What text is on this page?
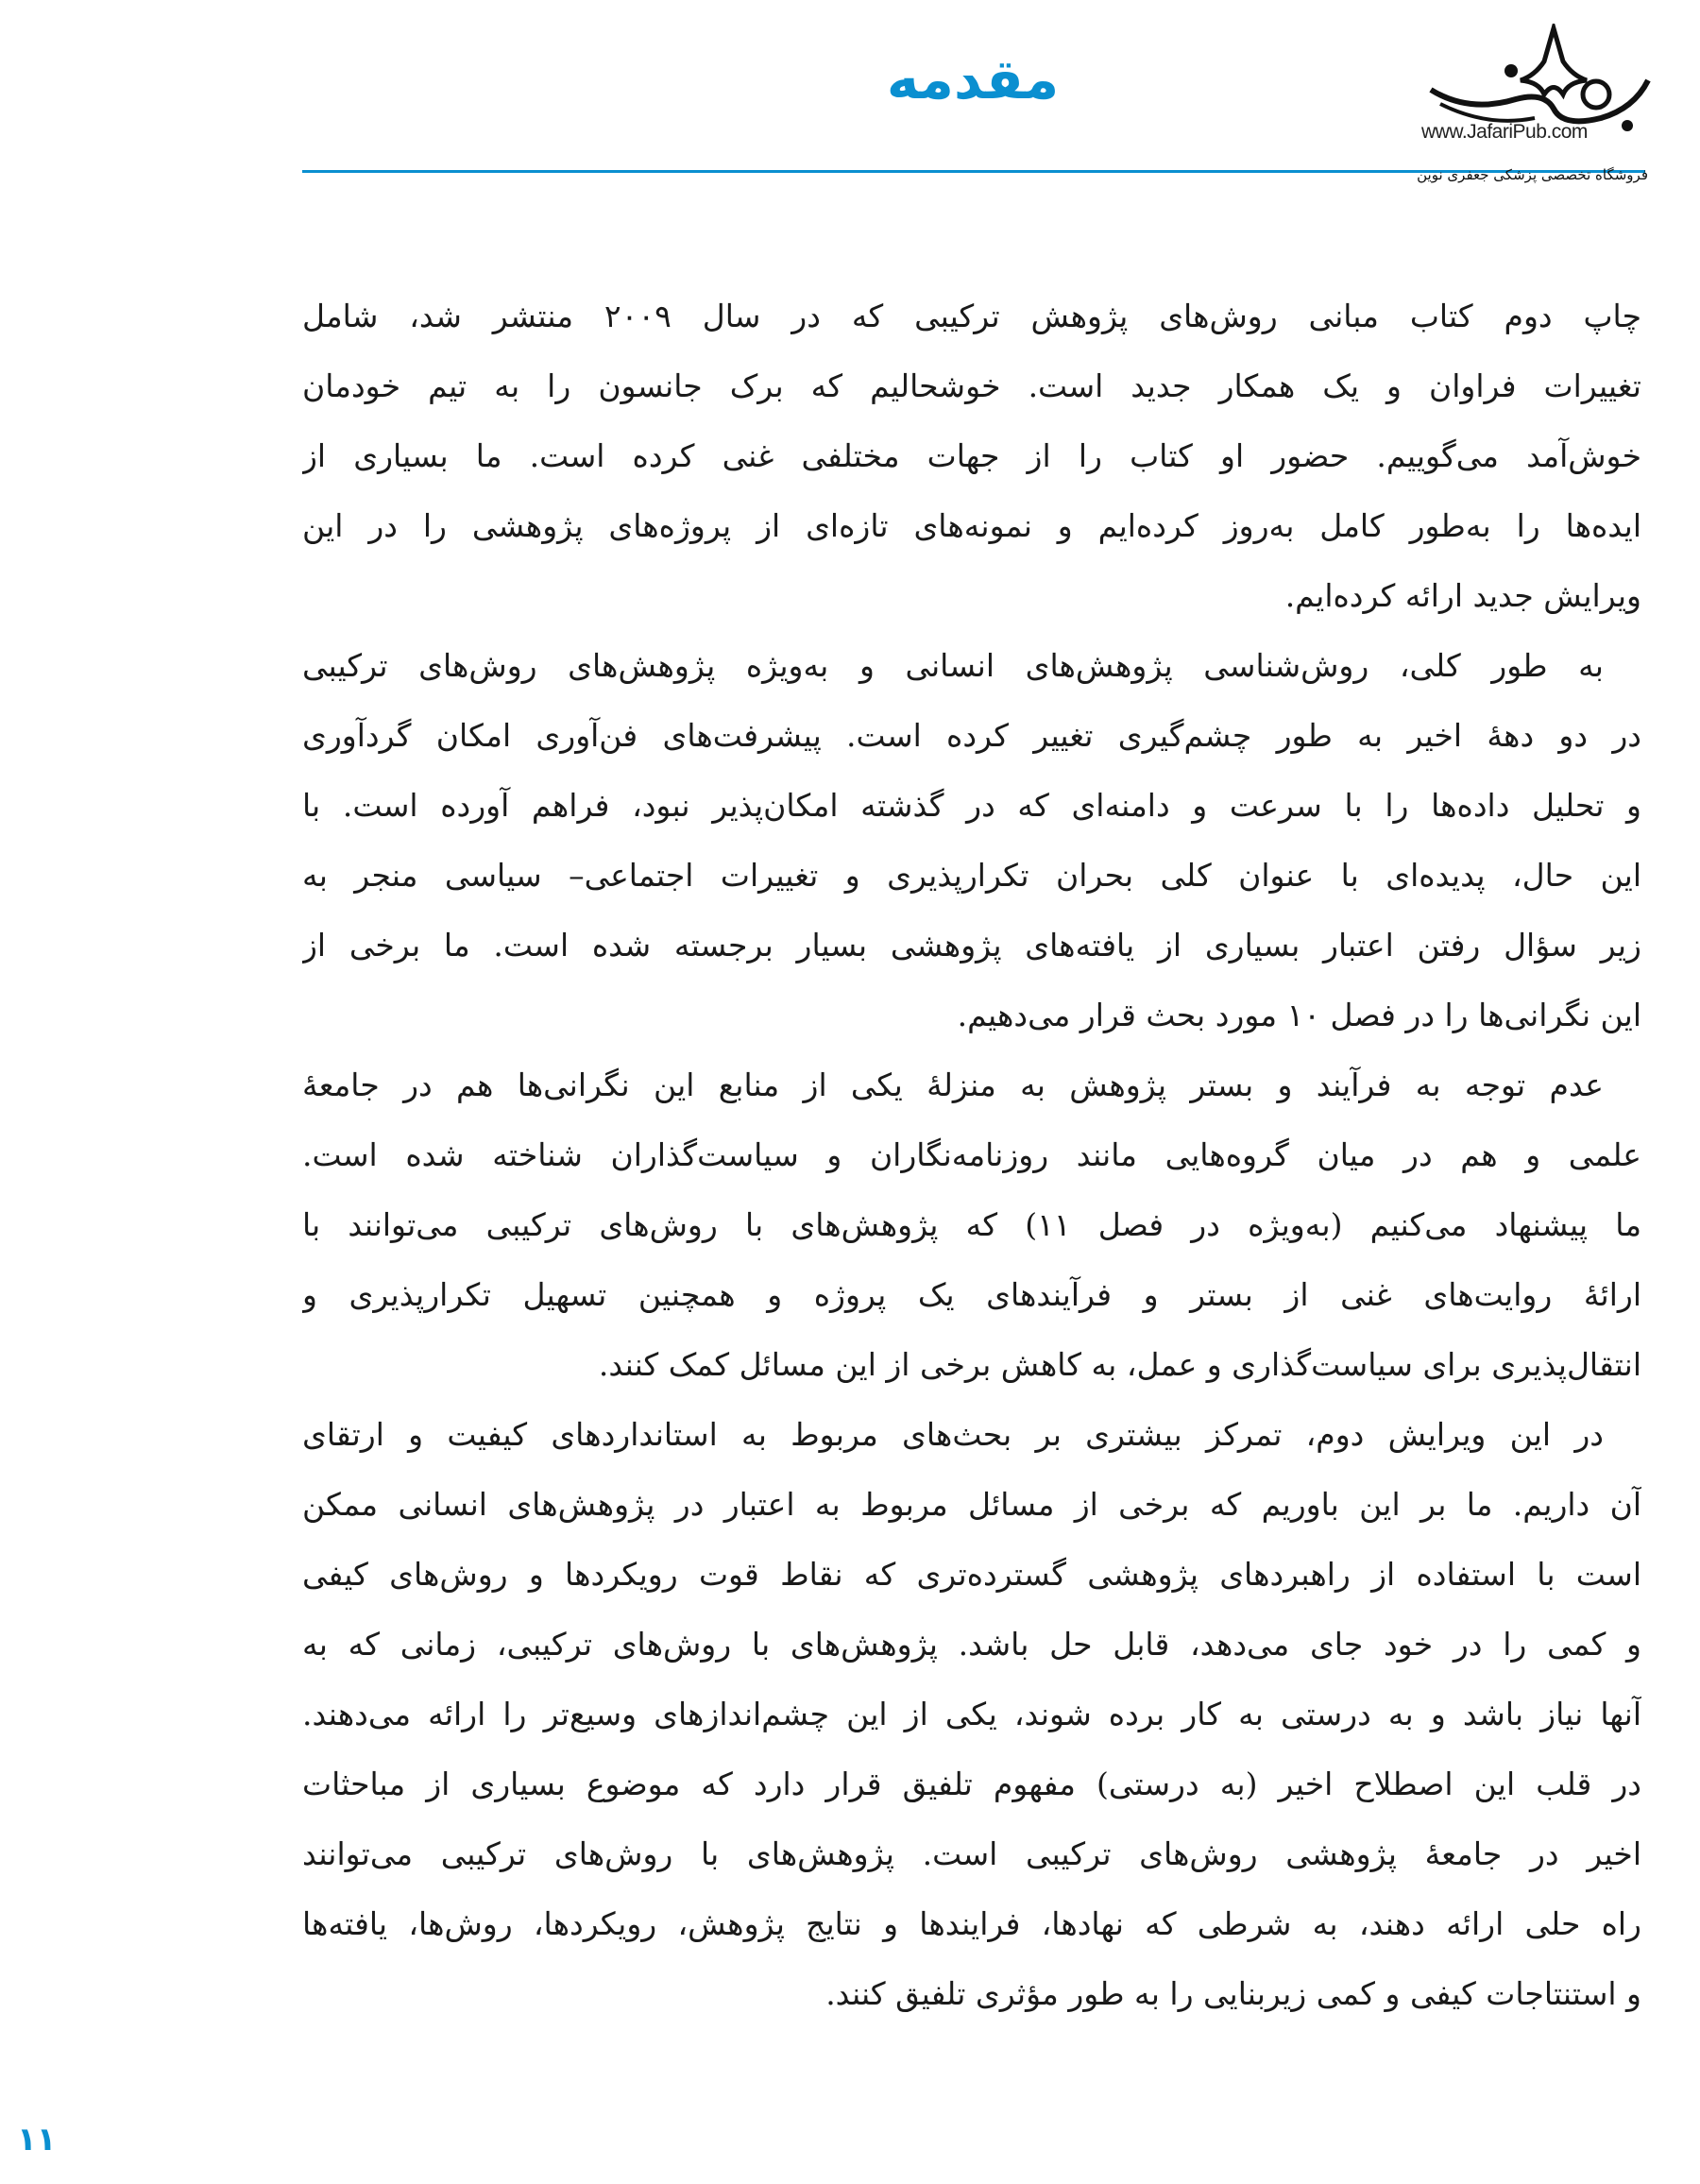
مقدمه
www.JafariPub.com
فروشگاه تخصصی پزشکی جعفری نوین
چاپ دوم کتاب مبانی روش‌های پژوهش ترکیبی که در سال ۲۰۰۹ منتشر شد، شامل
تغییرات فراوان و یک همکار جدید است. خوشحالیم که برک جانسون را به تیم خودمان
خوش‌آمد می‌گوییم. حضور او کتاب را از جهات مختلفی غنی کرده است. ما بسیاری از
ایده‌ها را به‌طور کامل به‌روز کرده‌ایم و نمونه‌های تازه‌ای از پروژه‌های پژوهشی را در این
ویرایش جدید ارائه کرده‌ایم.
به طور کلی، روش‌شناسی پژوهش‌های انسانی و به‌ویژه پژوهش‌های روش‌های ترکیبی
در دو دهۀ اخیر به طور چشم‌گیری تغییر کرده است. پیشرفت‌های فن‌آوری امکان گردآوری
و تحلیل داده‌ها را با سرعت و دامنه‌ای که در گذشته امکان‌پذیر نبود، فراهم آورده است. با
این حال، پدیده‌ای با عنوان کلی بحران تکرارپذیری و تغییرات اجتماعی– سیاسی منجر به
زیر سؤال رفتن اعتبار بسیاری از یافته‌های پژوهشی بسیار برجسته شده است. ما برخی از
این نگرانی‌ها را در فصل ۱۰ مورد بحث قرار می‌دهیم.
عدم توجه به فرآیند و بستر پژوهش به منزلۀ یکی از منابع این نگرانی‌ها هم در جامعۀ
علمی و هم در میان گروه‌هایی مانند روزنامه‌نگاران و سیاست‌گذاران شناخته شده است.
ما پیشنهاد می‌کنیم (به‌ویژه در فصل ۱۱) که پژوهش‌های با روش‌های ترکیبی می‌توانند با
ارائۀ روایت‌های غنی از بستر و فرآیندهای یک پروژه و همچنین تسهیل تکرارپذیری و
انتقال‌پذیری برای سیاست‌گذاری و عمل، به کاهش برخی از این مسائل کمک کنند.
در این ویرایش دوم، تمرکز بیشتری بر بحث‌های مربوط به استانداردهای کیفیت و ارتقای
آن داریم. ما بر این باوریم که برخی از مسائل مربوط به اعتبار در پژوهش‌های انسانی ممکن
است با استفاده از راهبردهای پژوهشی گسترده‌تری که نقاط قوت رویکردها و روش‌های کیفی
و کمی را در خود جای می‌دهد، قابل حل باشد. پژوهش‌های با روش‌های ترکیبی، زمانی که به
آنها نیاز باشد و به درستی به کار برده شوند، یکی از این چشم‌اندازهای وسیع‌تر را ارائه می‌دهند.
در قلب این اصطلاح اخیر (به درستی) مفهوم تلفیق قرار دارد که موضوع بسیاری از مباحثات
اخیر در جامعۀ پژوهشی روش‌های ترکیبی است. پژوهش‌های با روش‌های ترکیبی می‌توانند
راه حلی ارائه دهند، به شرطی که نهادها، فرایندها و نتایج پژوهش، رویکردها، روش‌ها، یافته‌ها
و استنتاجات کیفی و کمی زیربنایی را به طور مؤثری تلفیق کنند.
۱۱
